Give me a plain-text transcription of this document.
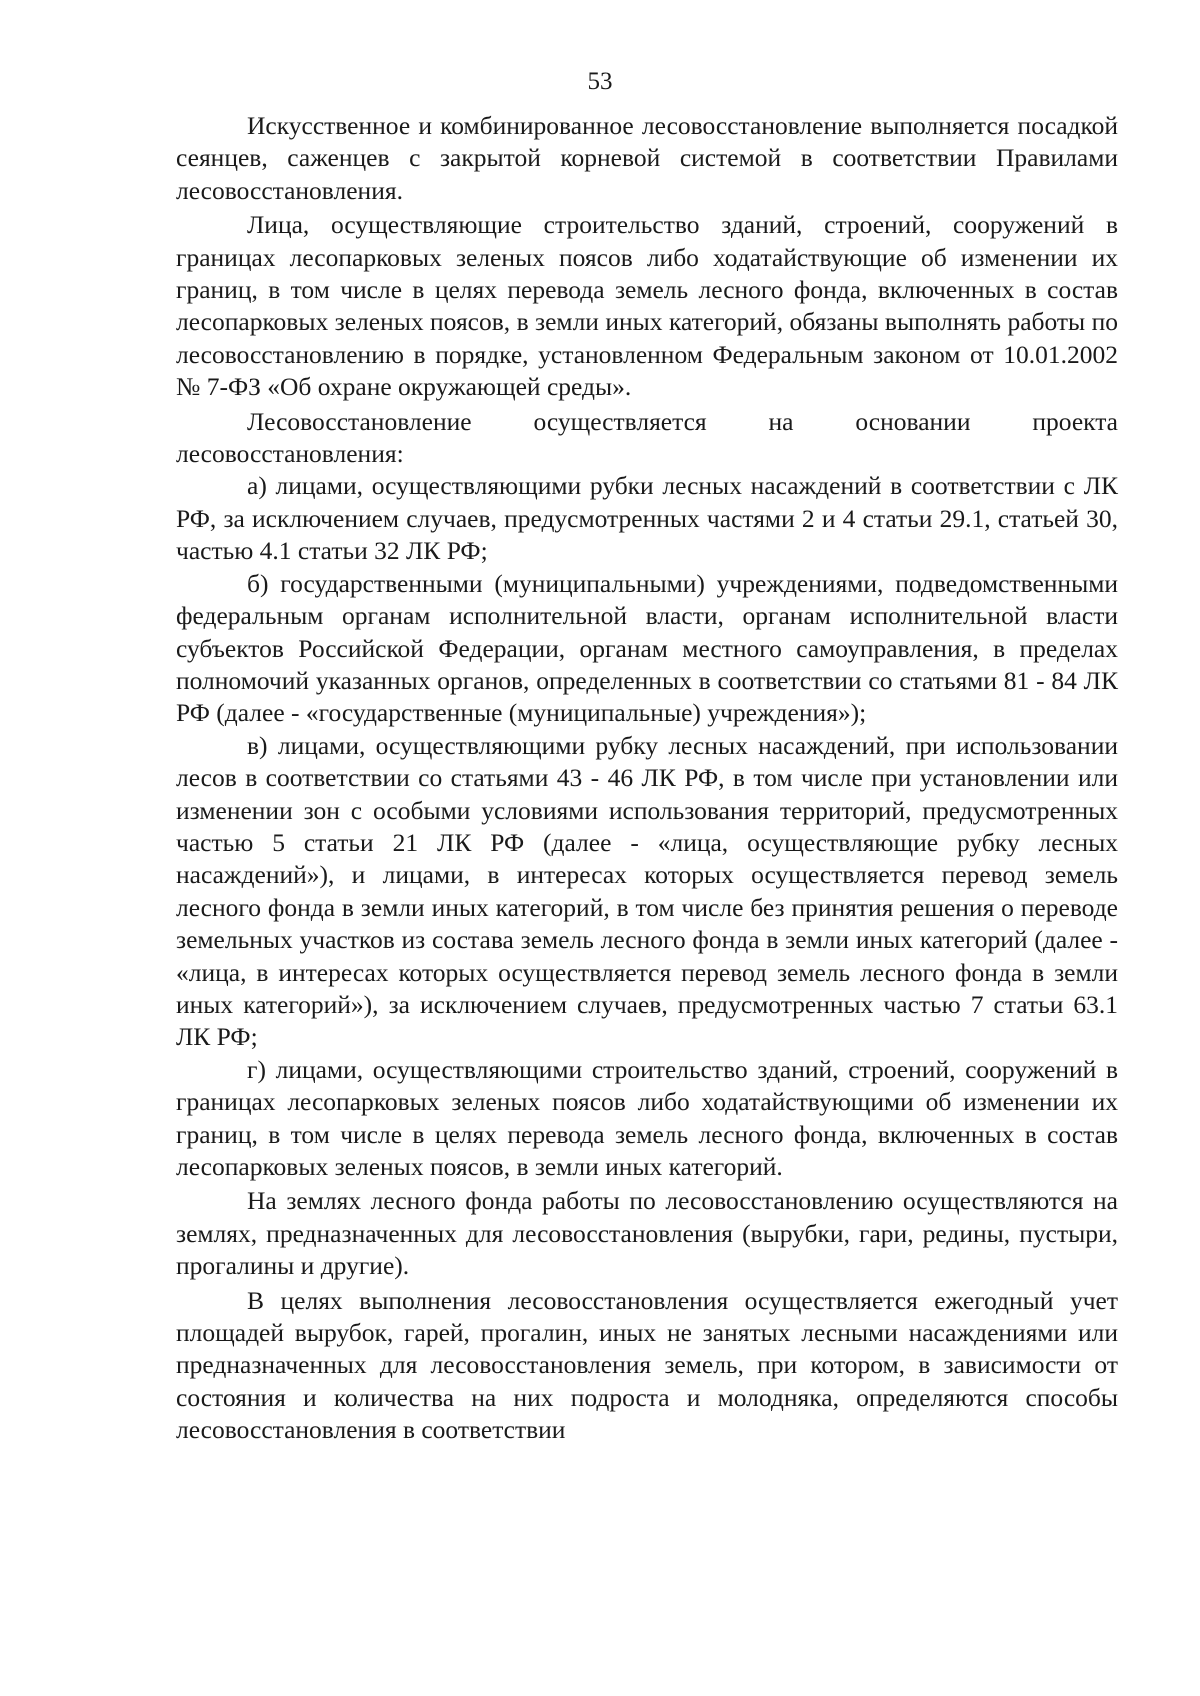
53

Искусственное и комбинированное лесовосстановление выполняется посадкой сеянцев, саженцев с закрытой корневой системой в соответствии Правилами лесовосстановления.

Лица, осуществляющие строительство зданий, строений, сооружений в границах лесопарковых зеленых поясов либо ходатайствующие об изменении их границ, в том числе в целях перевода земель лесного фонда, включенных в состав лесопарковых зеленых поясов, в земли иных категорий, обязаны выполнять работы по лесовосстановлению в порядке, установленном Федеральным законом от 10.01.2002 № 7-ФЗ «Об охране окружающей среды».

Лесовосстановление осуществляется на основании проекта лесовосстановления:

а) лицами, осуществляющими рубки лесных насаждений в соответствии с ЛК РФ, за исключением случаев, предусмотренных частями 2 и 4 статьи 29.1, статьей 30, частью 4.1 статьи 32 ЛК РФ;

б) государственными (муниципальными) учреждениями, подведомственными федеральным органам исполнительной власти, органам исполнительной власти субъектов Российской Федерации, органам местного самоуправления, в пределах полномочий указанных органов, определенных в соответствии со статьями 81 - 84 ЛК РФ (далее - «государственные (муниципальные) учреждения»);

в) лицами, осуществляющими рубку лесных насаждений, при использовании лесов в соответствии со статьями 43 - 46 ЛК РФ, в том числе при установлении или изменении зон с особыми условиями использования территорий, предусмотренных частью 5 статьи 21 ЛК РФ (далее - «лица, осуществляющие рубку лесных насаждений»), и лицами, в интересах которых осуществляется перевод земель лесного фонда в земли иных категорий, в том числе без принятия решения о переводе земельных участков из состава земель лесного фонда в земли иных категорий (далее - «лица, в интересах которых осуществляется перевод земель лесного фонда в земли иных категорий»), за исключением случаев, предусмотренных частью 7 статьи 63.1 ЛК РФ;

г) лицами, осуществляющими строительство зданий, строений, сооружений в границах лесопарковых зеленых поясов либо ходатайствующими об изменении их границ, в том числе в целях перевода земель лесного фонда, включенных в состав лесопарковых зеленых поясов, в земли иных категорий.

На землях лесного фонда работы по лесовосстановлению осуществляются на землях, предназначенных для лесовосстановления (вырубки, гари, редины, пустыри, прогалины и другие).

В целях выполнения лесовосстановления осуществляется ежегодный учет площадей вырубок, гарей, прогалин, иных не занятых лесными насаждениями или предназначенных для лесовосстановления земель, при котором, в зависимости от состояния и количества на них подроста и молодняка, определяются способы лесовосстановления в соответствии
